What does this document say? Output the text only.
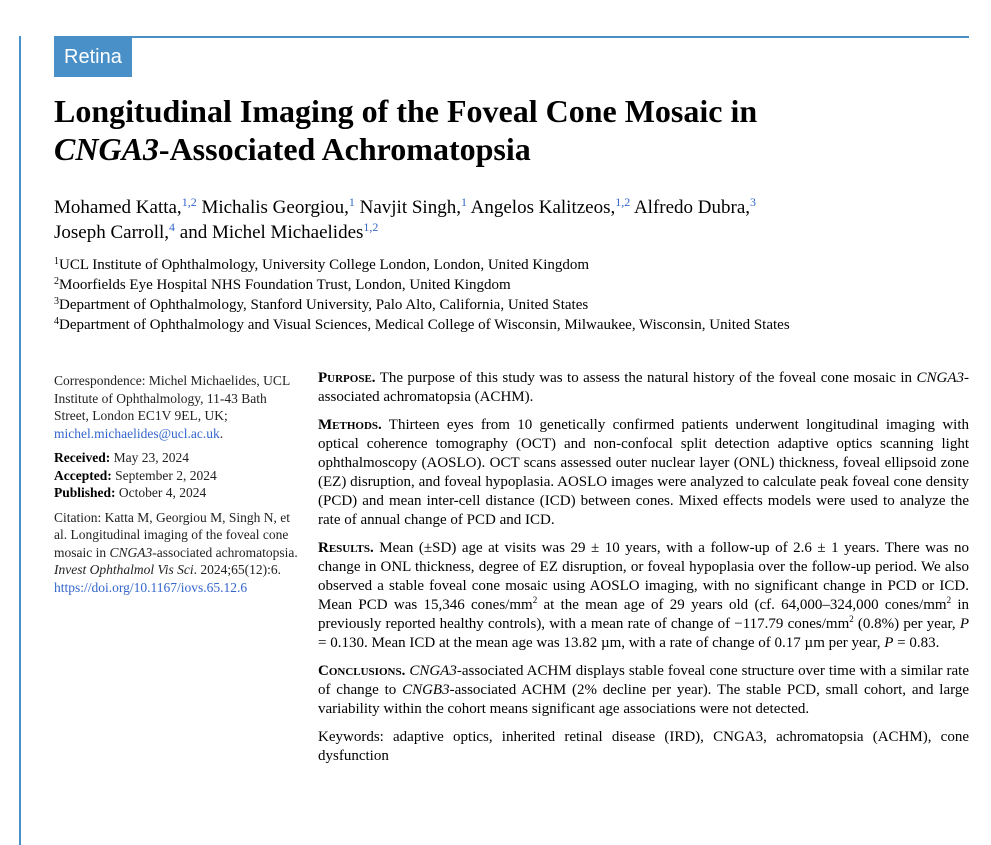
Retina
Longitudinal Imaging of the Foveal Cone Mosaic in
CNGA3-Associated Achromatopsia
Mohamed Katta,$^{1,2}$ Michalis Georgiou,$^1$ Navjit Singh,$^1$ Angelos Kalitzeos,$^{1,2}$ Alfredo Dubra,$^3$
Joseph Carroll,$^4$ and Michel Michaelides$^{1,2}$
$^1$UCL Institute of Ophthalmology, University College London, London, United Kingdom
$^2$Moorfields Eye Hospital NHS Foundation Trust, London, United Kingdom
$^3$Department of Ophthalmology, Stanford University, Palo Alto, California, United States
$^4$Department of Ophthalmology and Visual Sciences, Medical College of Wisconsin, Milwaukee, Wisconsin, United States

Correspondence: Michel Michaelides, UCL Institute of Ophthalmology, 11-43 Bath Street, London EC1V 9EL, UK; michel.michaelides@ucl.ac.uk.

Received: May 23, 2024
Accepted: September 2, 2024
Published: October 4, 2024

Citation: Katta M, Georgiou M, Singh N, et al. Longitudinal imaging of the foveal cone mosaic in CNGA3-associated achromatopsia. Invest Ophthalmol Vis Sci. 2024;65(12):6.
https://doi.org/10.1167/iovs.65.12.6

Purpose. The purpose of this study was to assess the natural history of the foveal cone mosaic in CNGA3-associated achromatopsia (ACHM).

Methods. Thirteen eyes from 10 genetically confirmed patients underwent longitudinal imaging with optical coherence tomography (OCT) and non-confocal split detection adaptive optics scanning light ophthalmoscopy (AOSLO). OCT scans assessed outer nuclear layer (ONL) thickness, foveal ellipsoid zone (EZ) disruption, and foveal hypoplasia. AOSLO images were analyzed to calculate peak foveal cone density (PCD) and mean inter-cell distance (ICD) between cones. Mixed effects models were used to analyze the rate of annual change of PCD and ICD.

Results. Mean (±SD) age at visits was 29 ± 10 years, with a follow-up of 2.6 ± 1 years. There was no change in ONL thickness, degree of EZ disruption, or foveal hypoplasia over the follow-up period. We also observed a stable foveal cone mosaic using AOSLO imaging, with no significant change in PCD or ICD. Mean PCD was 15,346 cones/$mm^2$ at the mean age of 29 years old (cf. 64,000–324,000 cones/$mm^2$ in previously reported healthy controls), with a mean rate of change of −117.79 cones/$mm^2$ (0.8%) per year, P = 0.130. Mean ICD at the mean age was 13.82 µm, with a rate of change of 0.17 µm per year, P = 0.83.

Conclusions. CNGA3-associated ACHM displays stable foveal cone structure over time with a similar rate of change to CNGB3-associated ACHM (2% decline per year). The stable PCD, small cohort, and large variability within the cohort means significant age associations were not detected.

Keywords: adaptive optics, inherited retinal disease (IRD), CNGA3, achromatopsia (ACHM), cone dysfunction
